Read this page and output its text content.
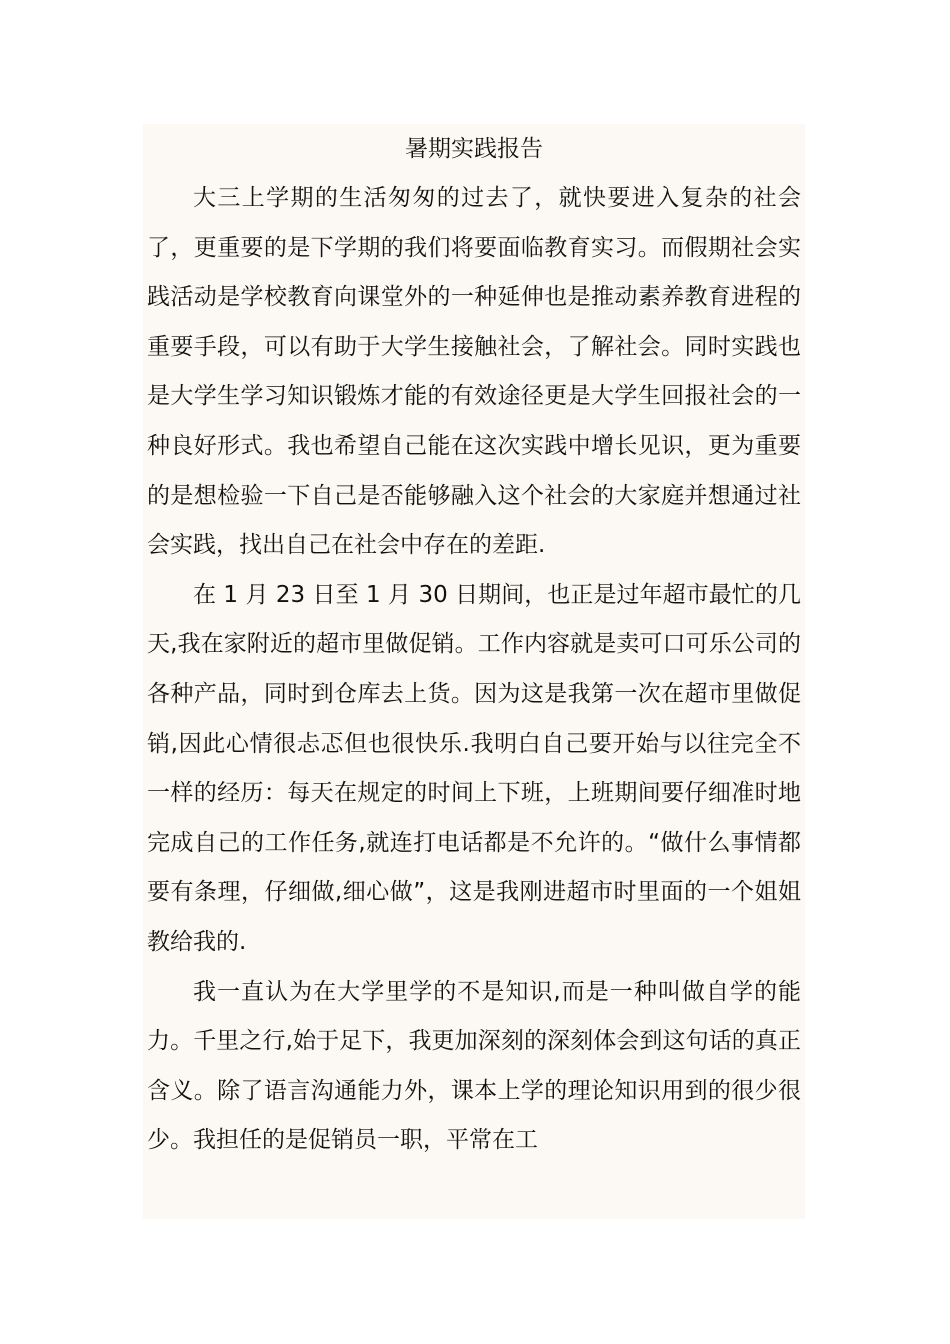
暑期实践报告

大三上学期的生活匆匆的过去了，就快要进入复杂的社会了，更重要的是下学期的我们将要面临教育实习。而假期社会实践活动是学校教育向课堂外的一种延伸也是推动素养教育进程的重要手段，可以有助于大学生接触社会，了解社会。同时实践也是大学生学习知识锻炼才能的有效途径更是大学生回报社会的一种良好形式。我也希望自己能在这次实践中增长见识，更为重要的是想检验一下自己是否能够融入这个社会的大家庭并想通过社会实践，找出自己在社会中存在的差距.

在 1 月 23 日至 1 月 30 日期间，也正是过年超市最忙的几天,我在家附近的超市里做促销。工作内容就是卖可口可乐公司的各种产品，同时到仓库去上货。因为这是我第一次在超市里做促销,因此心情很忐忑但也很快乐.我明白自己要开始与以往完全不一样的经历：每天在规定的时间上下班，上班期间要仔细准时地完成自己的工作任务,就连打电话都是不允许的。“做什么事情都要有条理，仔细做,细心做”，这是我刚进超市时里面的一个姐姐教给我的.

我一直认为在大学里学的不是知识,而是一种叫做自学的能力。千里之行,始于足下，我更加深刻的深刻体会到这句话的真正含义。除了语言沟通能力外，课本上学的理论知识用到的很少很少。我担任的是促销员一职，平常在工
